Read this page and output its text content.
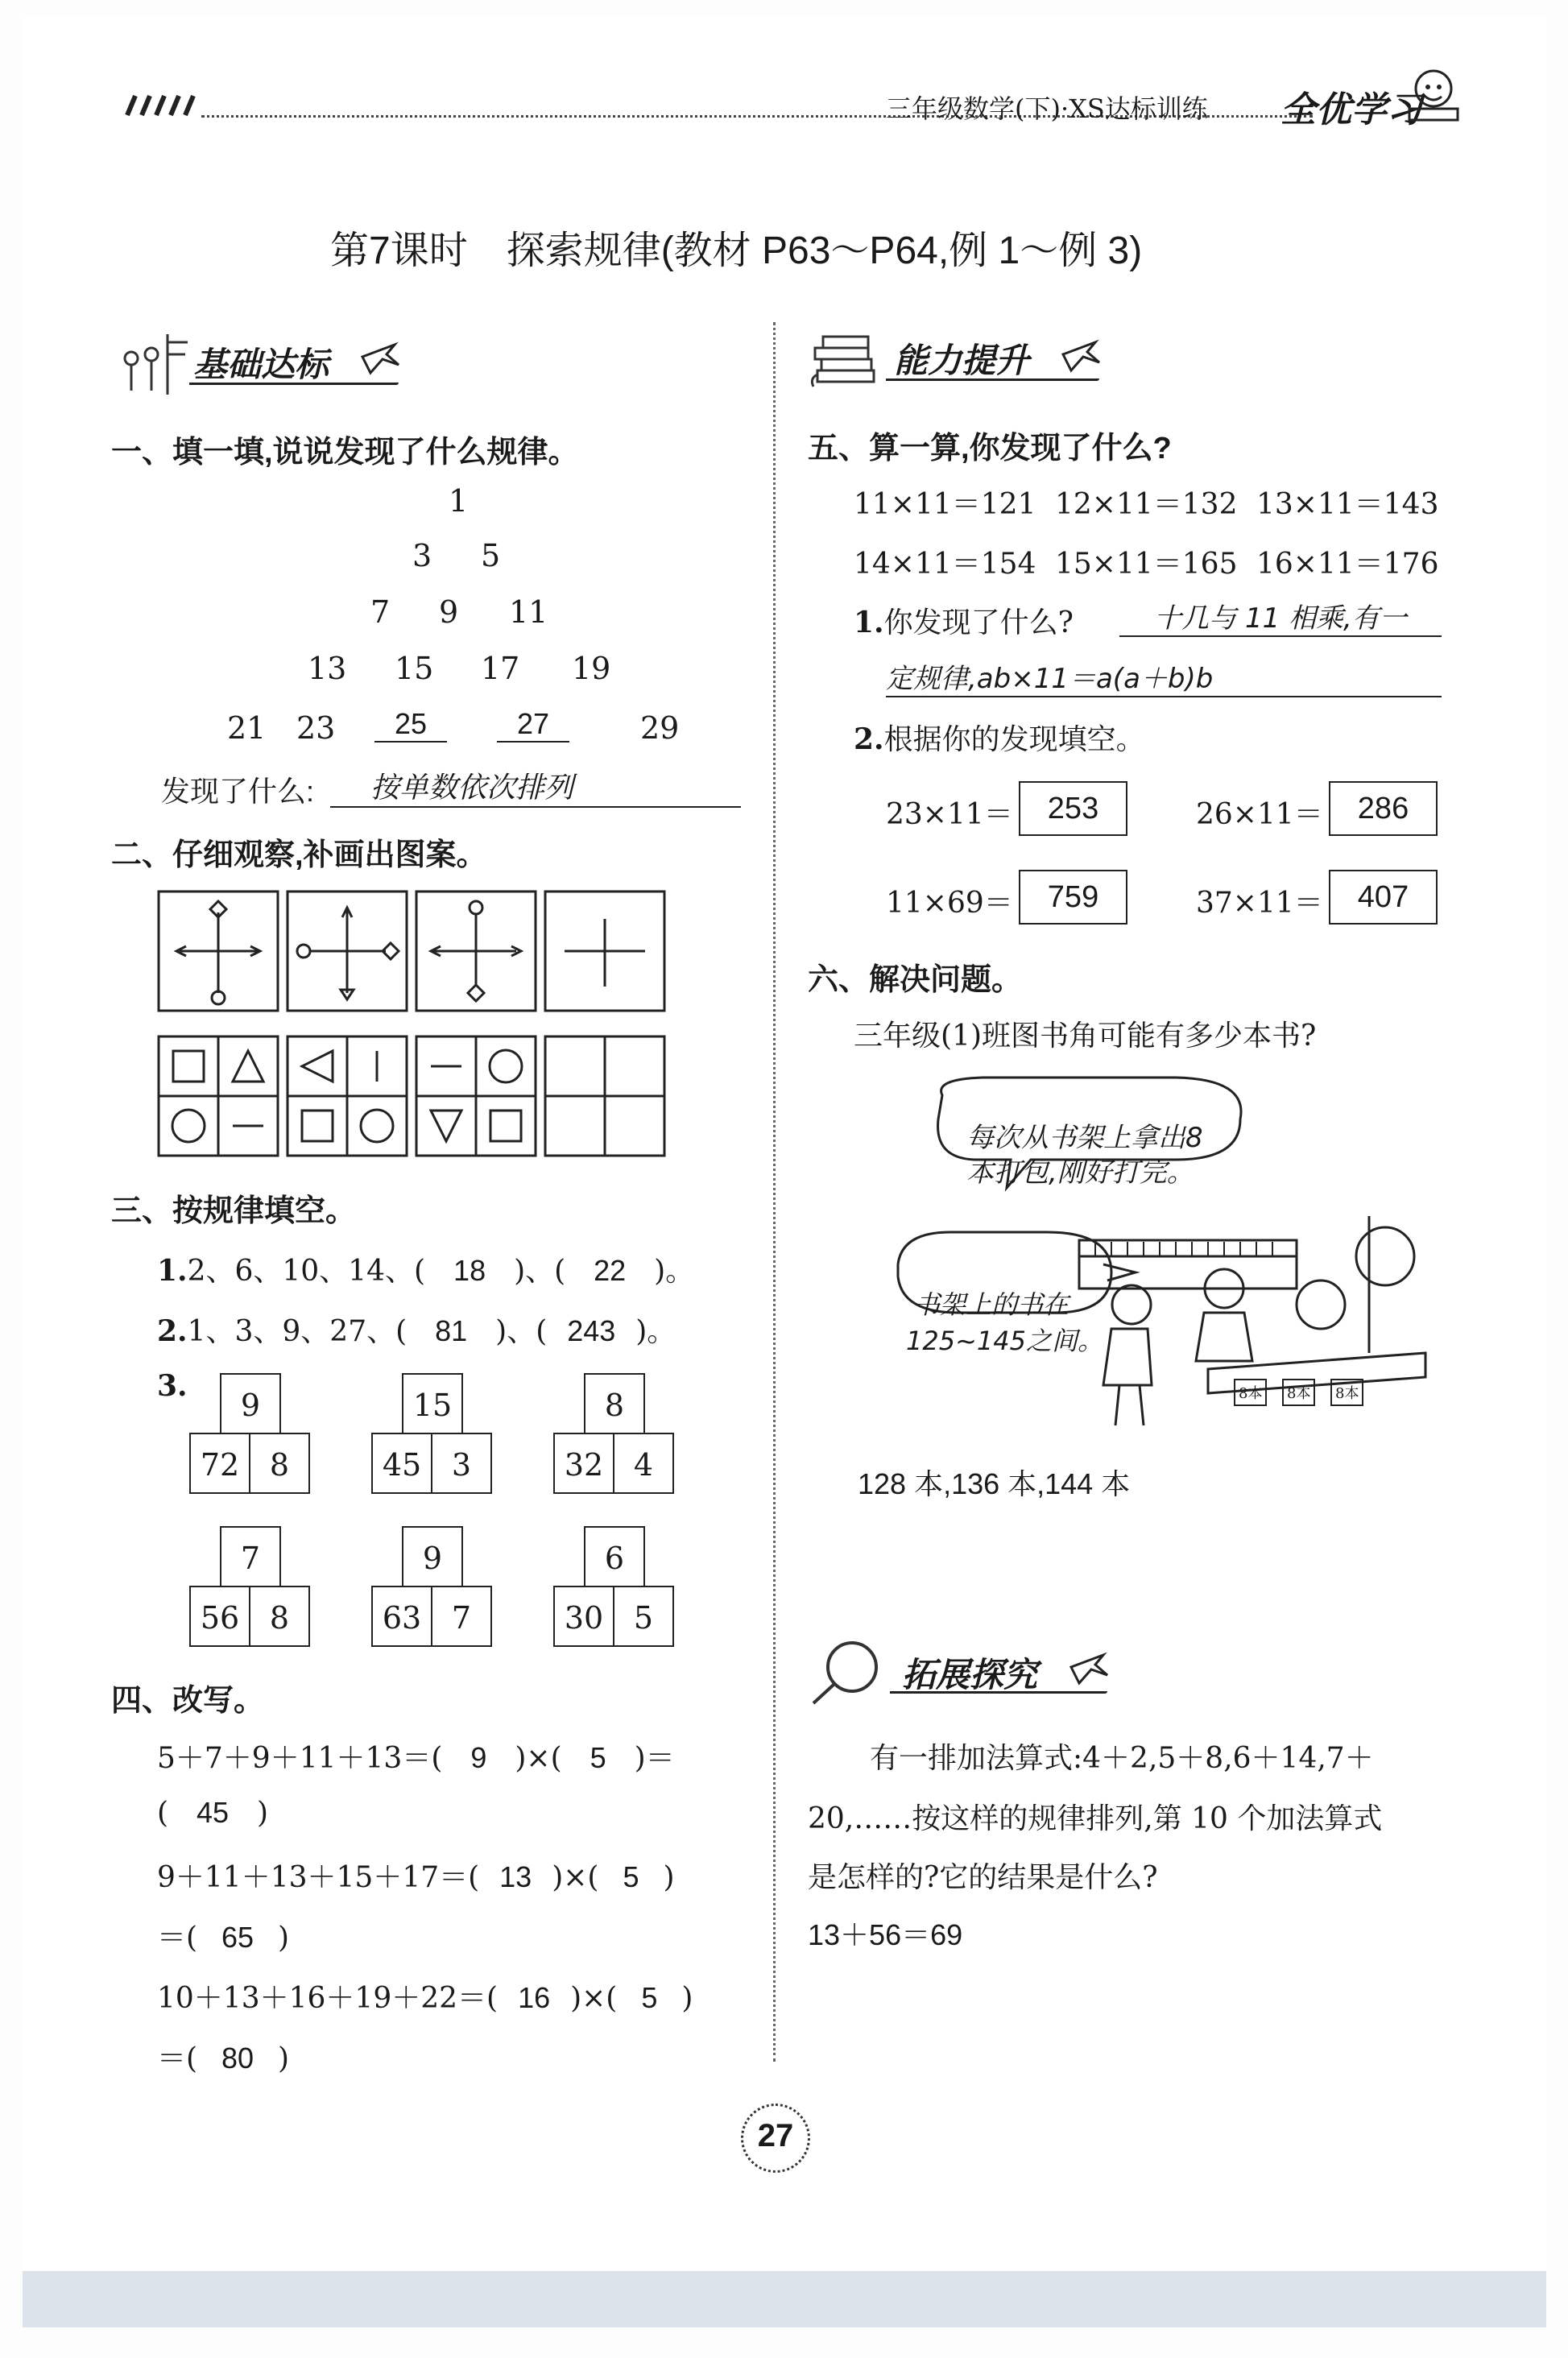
三年级数学(下)·XS达标训练 全优学习
第7课时　探索规律(教材 P63～P64,例 1～例 3)
基础达标
一、填一填,说说发现了什么规律。
1
3 5
7 9 11
13 15 17 19
21 23	25	27	29
发现了什么:	按单数依次排列
二、仔细观察,补画出图案。
三、按规律填空。
1.2、6、10、14、( 18 )、( 22 )。
2.1、3、9、27、( 81 )、( 243 )。
3.
9
72 8
15
45 3
8
32 4
7
56 8
9
63 7
6
30 5
四、改写。
5＋7＋9＋11＋13＝( 9 )×( 5 )＝
( 45 )
9＋11＋13＋15＋17＝( 13 )×( 5 )
＝( 65 )
10＋13＋16＋19＋22＝( 16 )×( 5 )
＝( 80 )
能力提升
五、算一算,你发现了什么?
11×11＝121 12×11＝132 13×11＝143
14×11＝154 15×11＝165 16×11＝176
1.你发现了什么?	十几与 11 相乘,有一
定规律,ab×11＝a(a＋b)b
2.根据你的发现填空。
23×11＝	253	26×11＝	286
11×69＝	759	37×11＝	407
六、解决问题。
三年级(1)班图书角可能有多少本书?
每次从书架上拿出8
本打包,刚好打完。
书架上的书在
125~145之间。
8本	8本	8本
128 本,136 本,144 本
拓展探究
有一排加法算式:4＋2,5＋8,6＋14,7＋
20,……按这样的规律排列,第 10 个加法算式
是怎样的?它的结果是什么?
13＋56＝69
27
